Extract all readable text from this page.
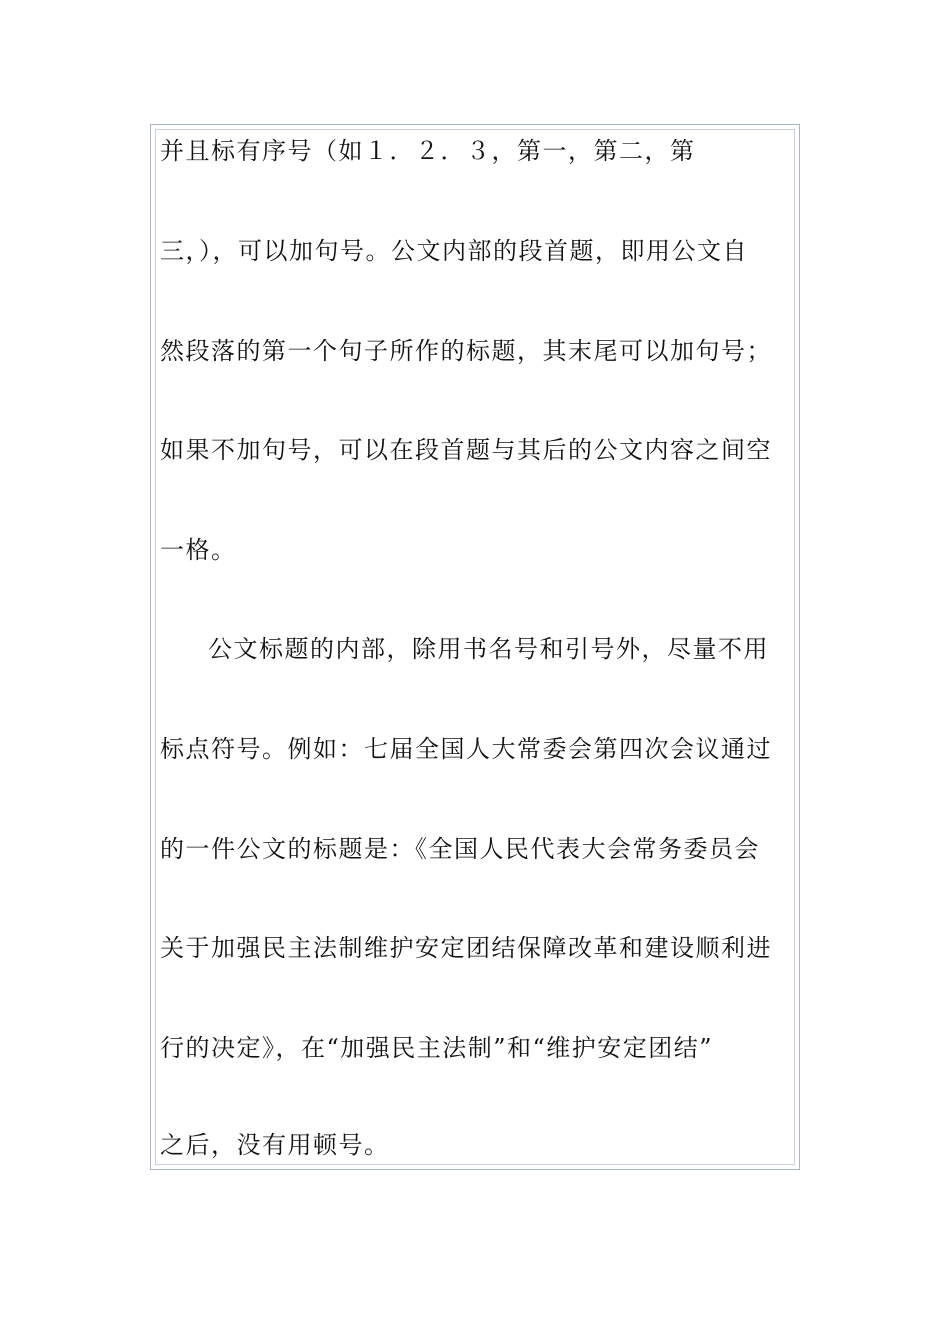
并且标有序号（如１．２．３，第一，第二，第
三，），可以加句号。公文内部的段首题，即用公文自
然段落的第一个句子所作的标题，其末尾可以加句号；
如果不加句号，可以在段首题与其后的公文内容之间空
一格。
公文标题的内部，除用书名号和引号外，尽量不用
标点符号。例如：七届全国人大常委会第四次会议通过
的一件公文的标题是：《全国人民代表大会常务委员会
关于加强民主法制维护安定团结保障改革和建设顺利进
行的决定》，在“加强民主法制”和“维护安定团结”
之后，没有用顿号。
